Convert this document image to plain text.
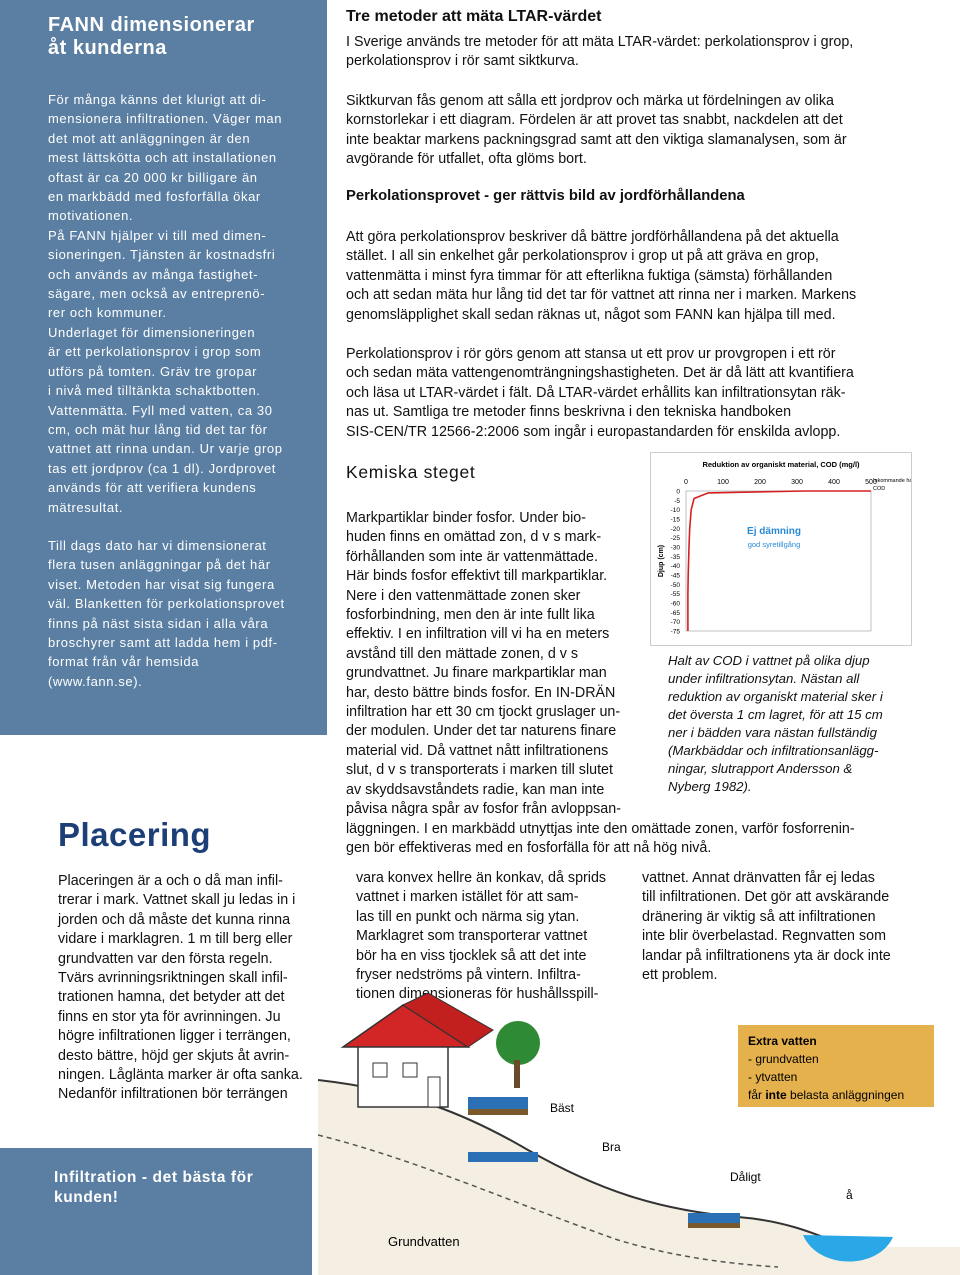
FANN dimensionerar
åt kunderna

För många känns det klurigt att di-
mensionera infiltrationen. Väger man
det mot att anläggningen är den
mest lättskötta och att installationen
oftast är ca 20 000 kr billigare än
en markbädd med fosforfälla ökar
motivationen.
På FANN hjälper vi till med dimen-
sioneringen. Tjänsten är kostnadsfri
och används av många fastighet-
sägare, men också av entreprenö-
rer och kommuner.
Underlaget för dimensioneringen
är ett perkolationsprov i grop som
utförs på tomten. Gräv tre gropar
i nivå med tilltänkta schaktbotten.
Vattenmätta. Fyll med vatten, ca 30
cm, och mät hur lång tid det tar för
vattnet att rinna undan. Ur varje grop
tas ett jordprov (ca 1 dl). Jordprovet
används för att verifiera kundens
mätresultat.

Till dags dato har vi dimensionerat
flera tusen anläggningar på det här
viset. Metoden har visat sig fungera
väl. Blanketten för perkolationsprovet
finns på näst sista sidan i alla våra
broschyrer samt att ladda hem i pdf-
format från vår hemsida
(www.fann.se).

Placering
Placeringen är a och o då man infil-
trerar i mark. Vattnet skall ju ledas in i
jorden och då måste det kunna rinna
vidare i marklagren. 1 m till berg eller
grundvatten var den första regeln.
Tvärs avrinningsriktningen skall infil-
trationen hamna, det betyder att det
finns en stor yta för avrinningen. Ju
högre infiltrationen ligger i terrängen,
desto bättre, höjd ger skjuts åt avrin-
ningen. Låglänta marker är ofta sanka.
Nedanför infiltrationen bör terrängen
Infiltration - det bästa för
kunden!
Tre metoder att mäta LTAR-värdet
I Sverige används tre metoder för att mäta LTAR-värdet: perkolationsprov i grop,
perkolationsprov i rör samt siktkurva.
Siktkurvan fås genom att sålla ett jordprov och märka ut fördelningen av olika
kornstorlekar i ett diagram. Fördelen är att provet tas snabbt, nackdelen att det
inte beaktar markens packningsgrad samt att den viktiga slamanalysen, som är
avgörande för utfallet, ofta glöms bort.
Perkolationsprovet - ger rättvis bild av jordförhållandena
Att göra perkolationsprov beskriver då bättre jordförhållandena på det aktuella
stället. I all sin enkelhet går perkolationsprov i grop ut på att gräva en grop,
vattenmätta i minst fyra timmar för att efterlikna fuktiga (sämsta) förhållanden
och att sedan mäta hur lång tid det tar för vattnet att rinna ner i marken. Markens
genomsläpplighet skall sedan räknas ut, något som FANN kan hjälpa till med.
Perkolationsprov i rör görs genom att stansa ut ett prov ur provgropen i ett rör
och sedan mäta vattengenomträngningshastigheten. Det är då lätt att kvantifiera
och läsa ut LTAR-värdet i fält. Då LTAR-värdet erhållits kan infiltrationsytan räk-
nas ut. Samtliga tre metoder finns beskrivna i den tekniska handboken
SIS-CEN/TR 12566-2:2006 som ingår i europastandarden för enskilda avlopp.
Kemiska steget
Markpartiklar binder fosfor. Under bio-
huden finns en omättad zon, d v s mark-
förhållanden som inte är vattenmättade.
Här binds fosfor effektivt till markpartiklar.
Nere i den vattenmättade zonen sker
fosforbindning, men den är inte fullt lika
effektiv. I en infiltration vill vi ha en meters
avstånd till den mättade zonen, d v s
grundvattnet. Ju finare markpartiklar man
har, desto bättre binds fosfor. En IN-DRÄN
infiltration har ett 30 cm tjockt gruslager un-
der modulen. Under det tar naturens finare
material vid. Då vattnet nått infiltrationens
slut, d v s transporterats i marken till slutet
av skyddsavståndets radie, kan man inte
påvisa några spår av fosfor från avloppsan-
läggningen. I en markbädd utnyttjas inte den omättade zonen, varför fosforrenin-
gen bör effektiveras med en fosforfälla för att nå hög nivå.
vara konvex hellre än konkav, då sprids
vattnet i marken istället för att sam-
las till en punkt och närma sig ytan.
Marklagret som transporterar vattnet
bör ha en viss tjocklek så att det inte
fryser nedströms på vintern. Infiltra-
tionen dimensioneras för hushållsspill-
vattnet. Annat dränvatten får ej ledas
till infiltrationen. Det gör att avskärande
dränering är viktig så att infiltrationen
inte blir överbelastad. Regnvatten som
landar på infiltrationens yta är dock inte
ett problem.
Reduktion av organiskt material, COD (mg/l)
0	100	200	300	400	500
0
-5
-10
-15
-20
-25
-30
-35
-40
-45
-50
-55
-60
-65
-70
-75
Djup (cm)
Inkommande halt
COD
Ej dämning
god syretillgång
Halt av COD i vattnet på olika djup
under infiltrationsytan. Nästan all
reduktion av organiskt material sker i
det översta 1 cm lagret, för att 15 cm
ner i bädden vara nästan fullständig
(Markbäddar och infiltrationsanlägg-
ningar, slutrapport Andersson &
Nyberg 1982).
Bäst
Bra
Dåligt
å
Grundvatten
Extra vatten
- grundvatten
- ytvatten
får inte belasta anläggningen
